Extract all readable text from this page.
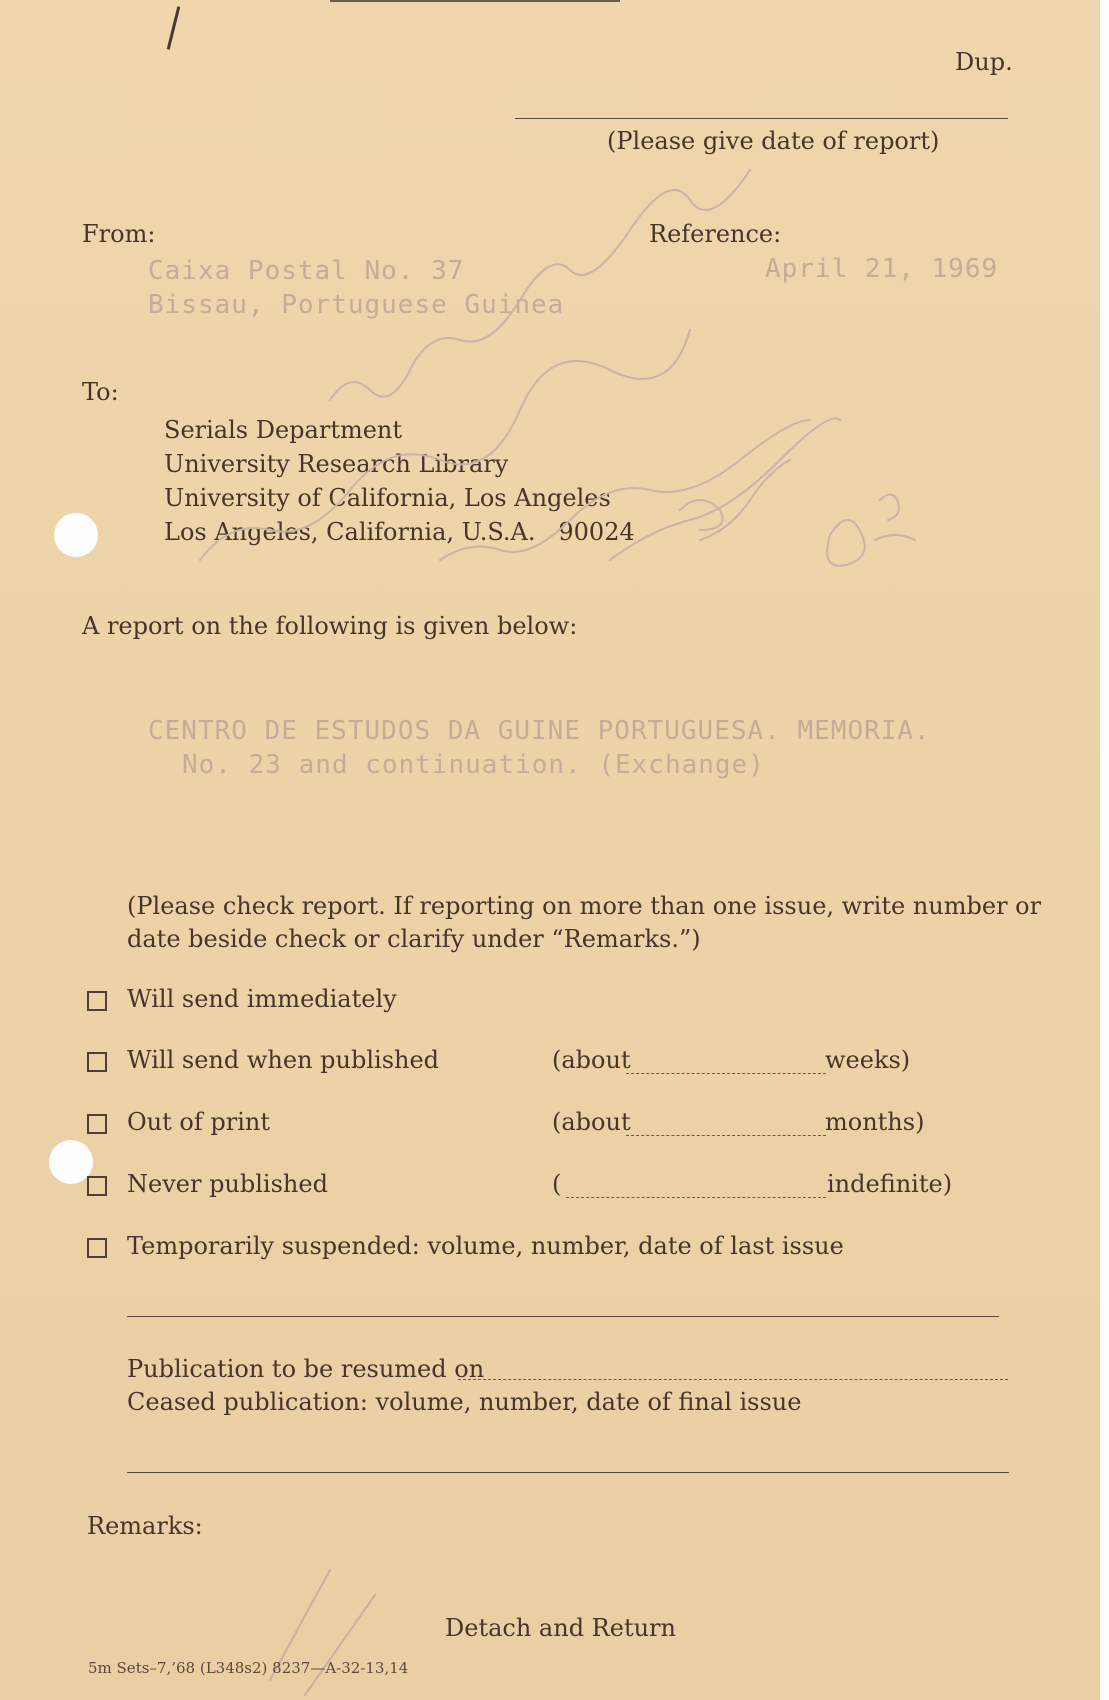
Dup.
(Please give date of report)
From:	Reference:
Caixa Postal No. 37
Bissau, Portuguese Guinea
April 21, 1969
To:
Serials Department
University Research Library
University of California, Los Angeles
Los Angeles, California, U.S.A.   90024
A report on the following is given below:
CENTRO DE ESTUDOS DA GUINE PORTUGUESA. MEMORIA.
No. 23 and continuation. (Exchange)
(Please check report. If reporting on more than one issue, write number or
date beside check or clarify under “Remarks.”)
Will send immediately
Will send when published	(about	weeks)
Out of print	(about	months)
Never published	(	indefinite)
Temporarily suspended: volume, number, date of last issue
Publication to be resumed on
Ceased publication: volume, number, date of final issue
Remarks:
Detach and Return
5m Sets–7,’68 (L348s2) 8237—A-32-13,14
